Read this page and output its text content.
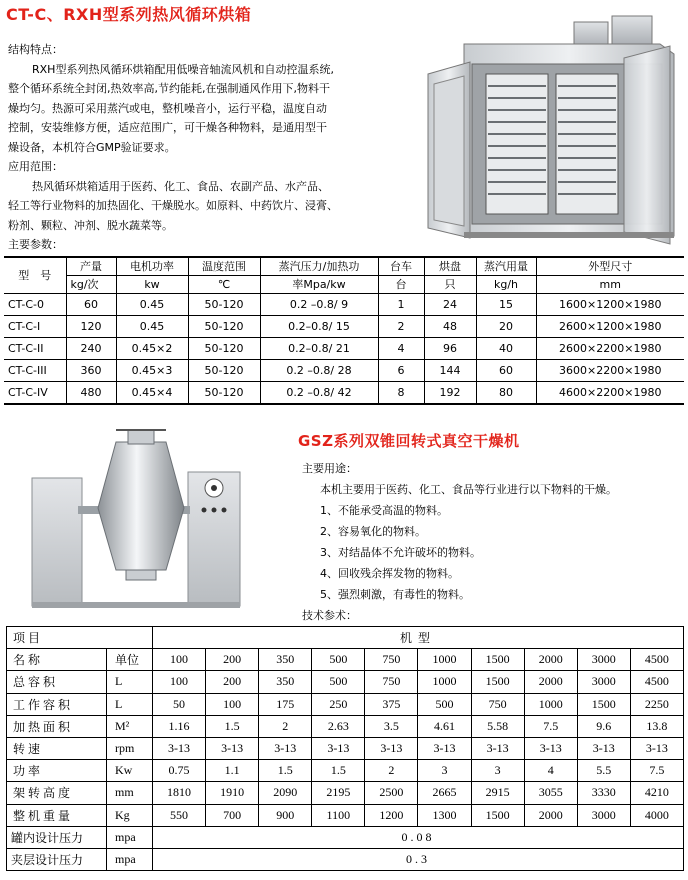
CT-C、RXH型系列热风循环烘箱
结构特点：
RXH型系列热风循环烘箱配用低噪音轴流风机和自动控温系统,
整个循环系统全封闭,热效率高,节约能耗,在强制通风作用下,物料干
燥均匀。热源可采用蒸汽或电，整机噪音小，运行平稳，温度自动
控制，安装维修方便，适应范围广，可干燥各种物料，是通用型干
燥设备，本机符合GMP验证要求。
应用范围：
热风循环烘箱适用于医药、化工、食品、农副产品、水产品、
轻工等行业物料的加热固化、干燥脱水。如原料、中药饮片、浸膏、
粉剂、颗粒、冲剂、脱水蔬菜等。
主要参数：
型　号	产量	电机功率	温度范围	蒸汽压力/加热功	台车	烘盘	蒸汽用量	外型尺寸
	kg/次	kw	℃	率Mpa/kw	台	只	kg/h	mm
CT-C-0	60	0.45	50-120	0.2 –0.8/ 9	1	24	15	1600×1200×1980
CT-C-I	120	0.45	50-120	0.2–0.8/ 15	2	48	20	2600×1200×1980
CT-C-II	240	0.45×2	50-120	0.2–0.8/ 21	4	96	40	2600×2200×1980
CT-C-III	360	0.45×3	50-120	0.2 –0.8/ 28	6	144	60	3600×2200×1980
CT-C-IV	480	0.45×4	50-120	0.2 –0.8/ 42	8	192	80	4600×2200×1980
GSZ系列双锥回转式真空干燥机
主要用途：
本机主要用于医药、化工、食品等行业进行以下物料的干燥。
1、不能承受高温的物料。
2、容易氧化的物料。
3、对结晶体不允许破坏的物料。
4、回收残余挥发物的物料。
5、强烈刺激，有毒性的物料。
技术参术：
项目		机型									
名称	单位	100	200	350	500	750	1000	1500	2000	3000	4500
总容积	L	100	200	350	500	750	1000	1500	2000	3000	4500
工作容积	L	50	100	175	250	375	500	750	1000	1500	2250
加热面积	M²	1.16	1.5	2	2.63	3.5	4.61	5.58	7.5	9.6	13.8
转速	rpm	3-13	3-13	3-13	3-13	3-13	3-13	3-13	3-13	3-13	3-13
功率	Kw	0.75	1.1	1.5	1.5	2	3	3	4	5.5	7.5
架转高度	mm	1810	1910	2090	2195	2500	2665	2915	3055	3330	4210
整机重量	Kg	550	700	900	1100	1200	1300	1500	2000	3000	4000
罐内设计压力	mpa	0.08									
夹层设计压力	mpa	0.3									
